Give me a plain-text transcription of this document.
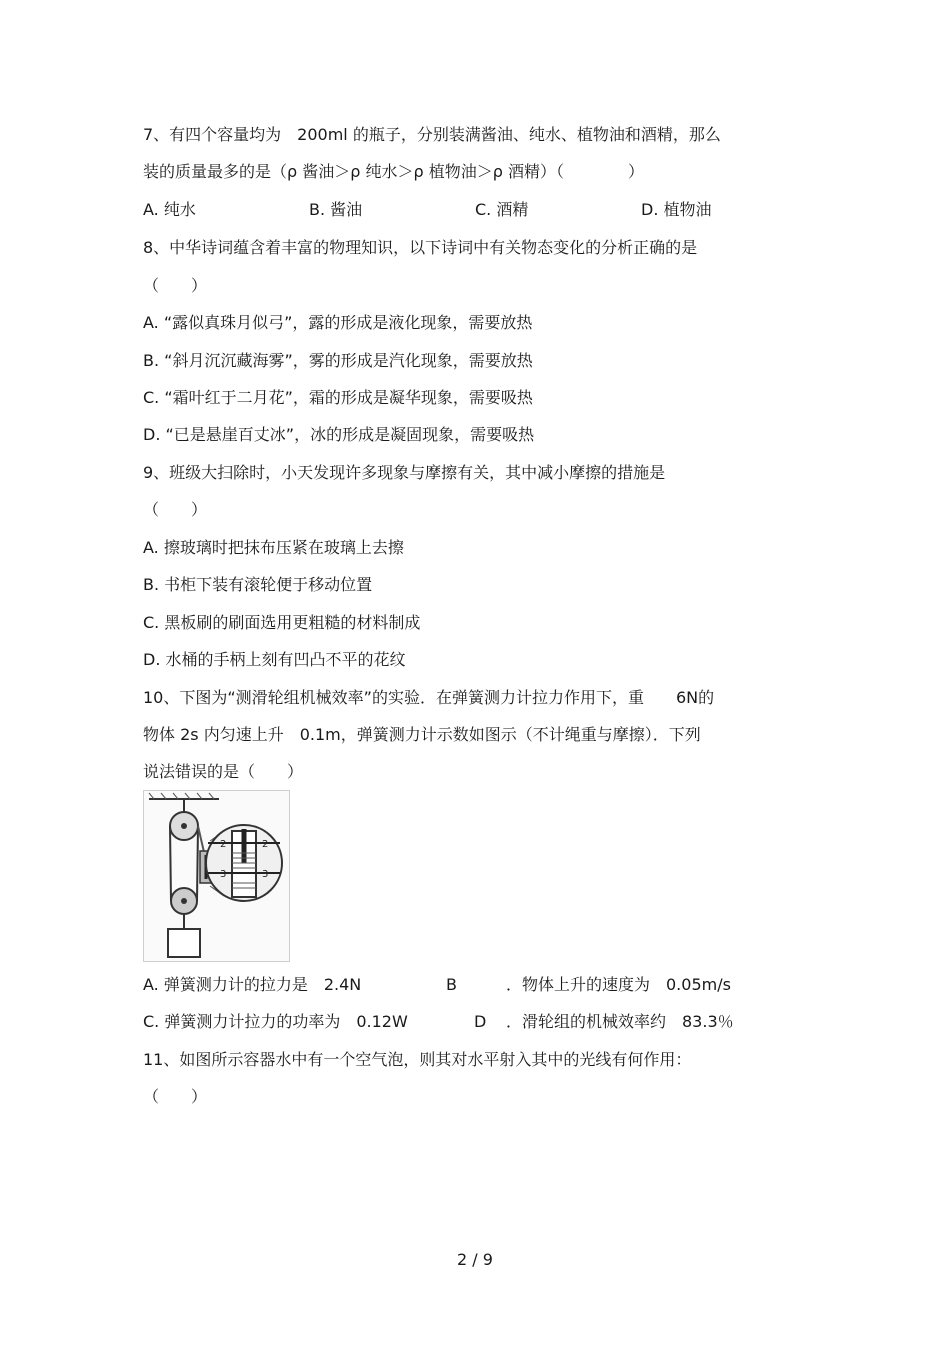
7、有四个容量均为　200ml 的瓶子，分别装满酱油、纯水、植物油和酒精，那么
装的质量最多的是（ρ 酱油＞ρ 纯水＞ρ 植物油＞ρ 酒精）（　　　　）
A. 纯水	B. 酱油	C. 酒精	D. 植物油
8、中华诗词蕴含着丰富的物理知识，以下诗词中有关物态变化的分析正确的是
（　　）
A. “露似真珠月似弓”，露的形成是液化现象，需要放热
B. “斜月沉沉藏海雾”，雾的形成是汽化现象，需要放热
C. “霜叶红于二月花”，霜的形成是凝华现象，需要吸热
D. “已是悬崖百丈冰”，冰的形成是凝固现象，需要吸热
9、班级大扫除时，小天发现许多现象与摩擦有关，其中减小摩擦的措施是
（　　）
A. 擦玻璃时把抹布压紧在玻璃上去擦
B. 书柜下装有滚轮便于移动位置
C. 黑板刷的刷面选用更粗糙的材料制成
D. 水桶的手柄上刻有凹凸不平的花纹
10、下图为“测滑轮组机械效率”的实验．在弹簧测力计拉力作用下，重　　6N的
物体 2s 内匀速上升　0.1m，弹簧测力计示数如图示（不计绳重与摩擦）．下列
说法错误的是（　　）
2
3
2
3
A. 弹簧测力计的拉力是　2.4N	B	．物体上升的速度为　0.05m/s
C. 弹簧测力计拉力的功率为　0.12W	D ．滑轮组的机械效率约　83.3％
11、如图所示容器水中有一个空气泡，则其对水平射入其中的光线有何作用：
（　　）
2 / 9
